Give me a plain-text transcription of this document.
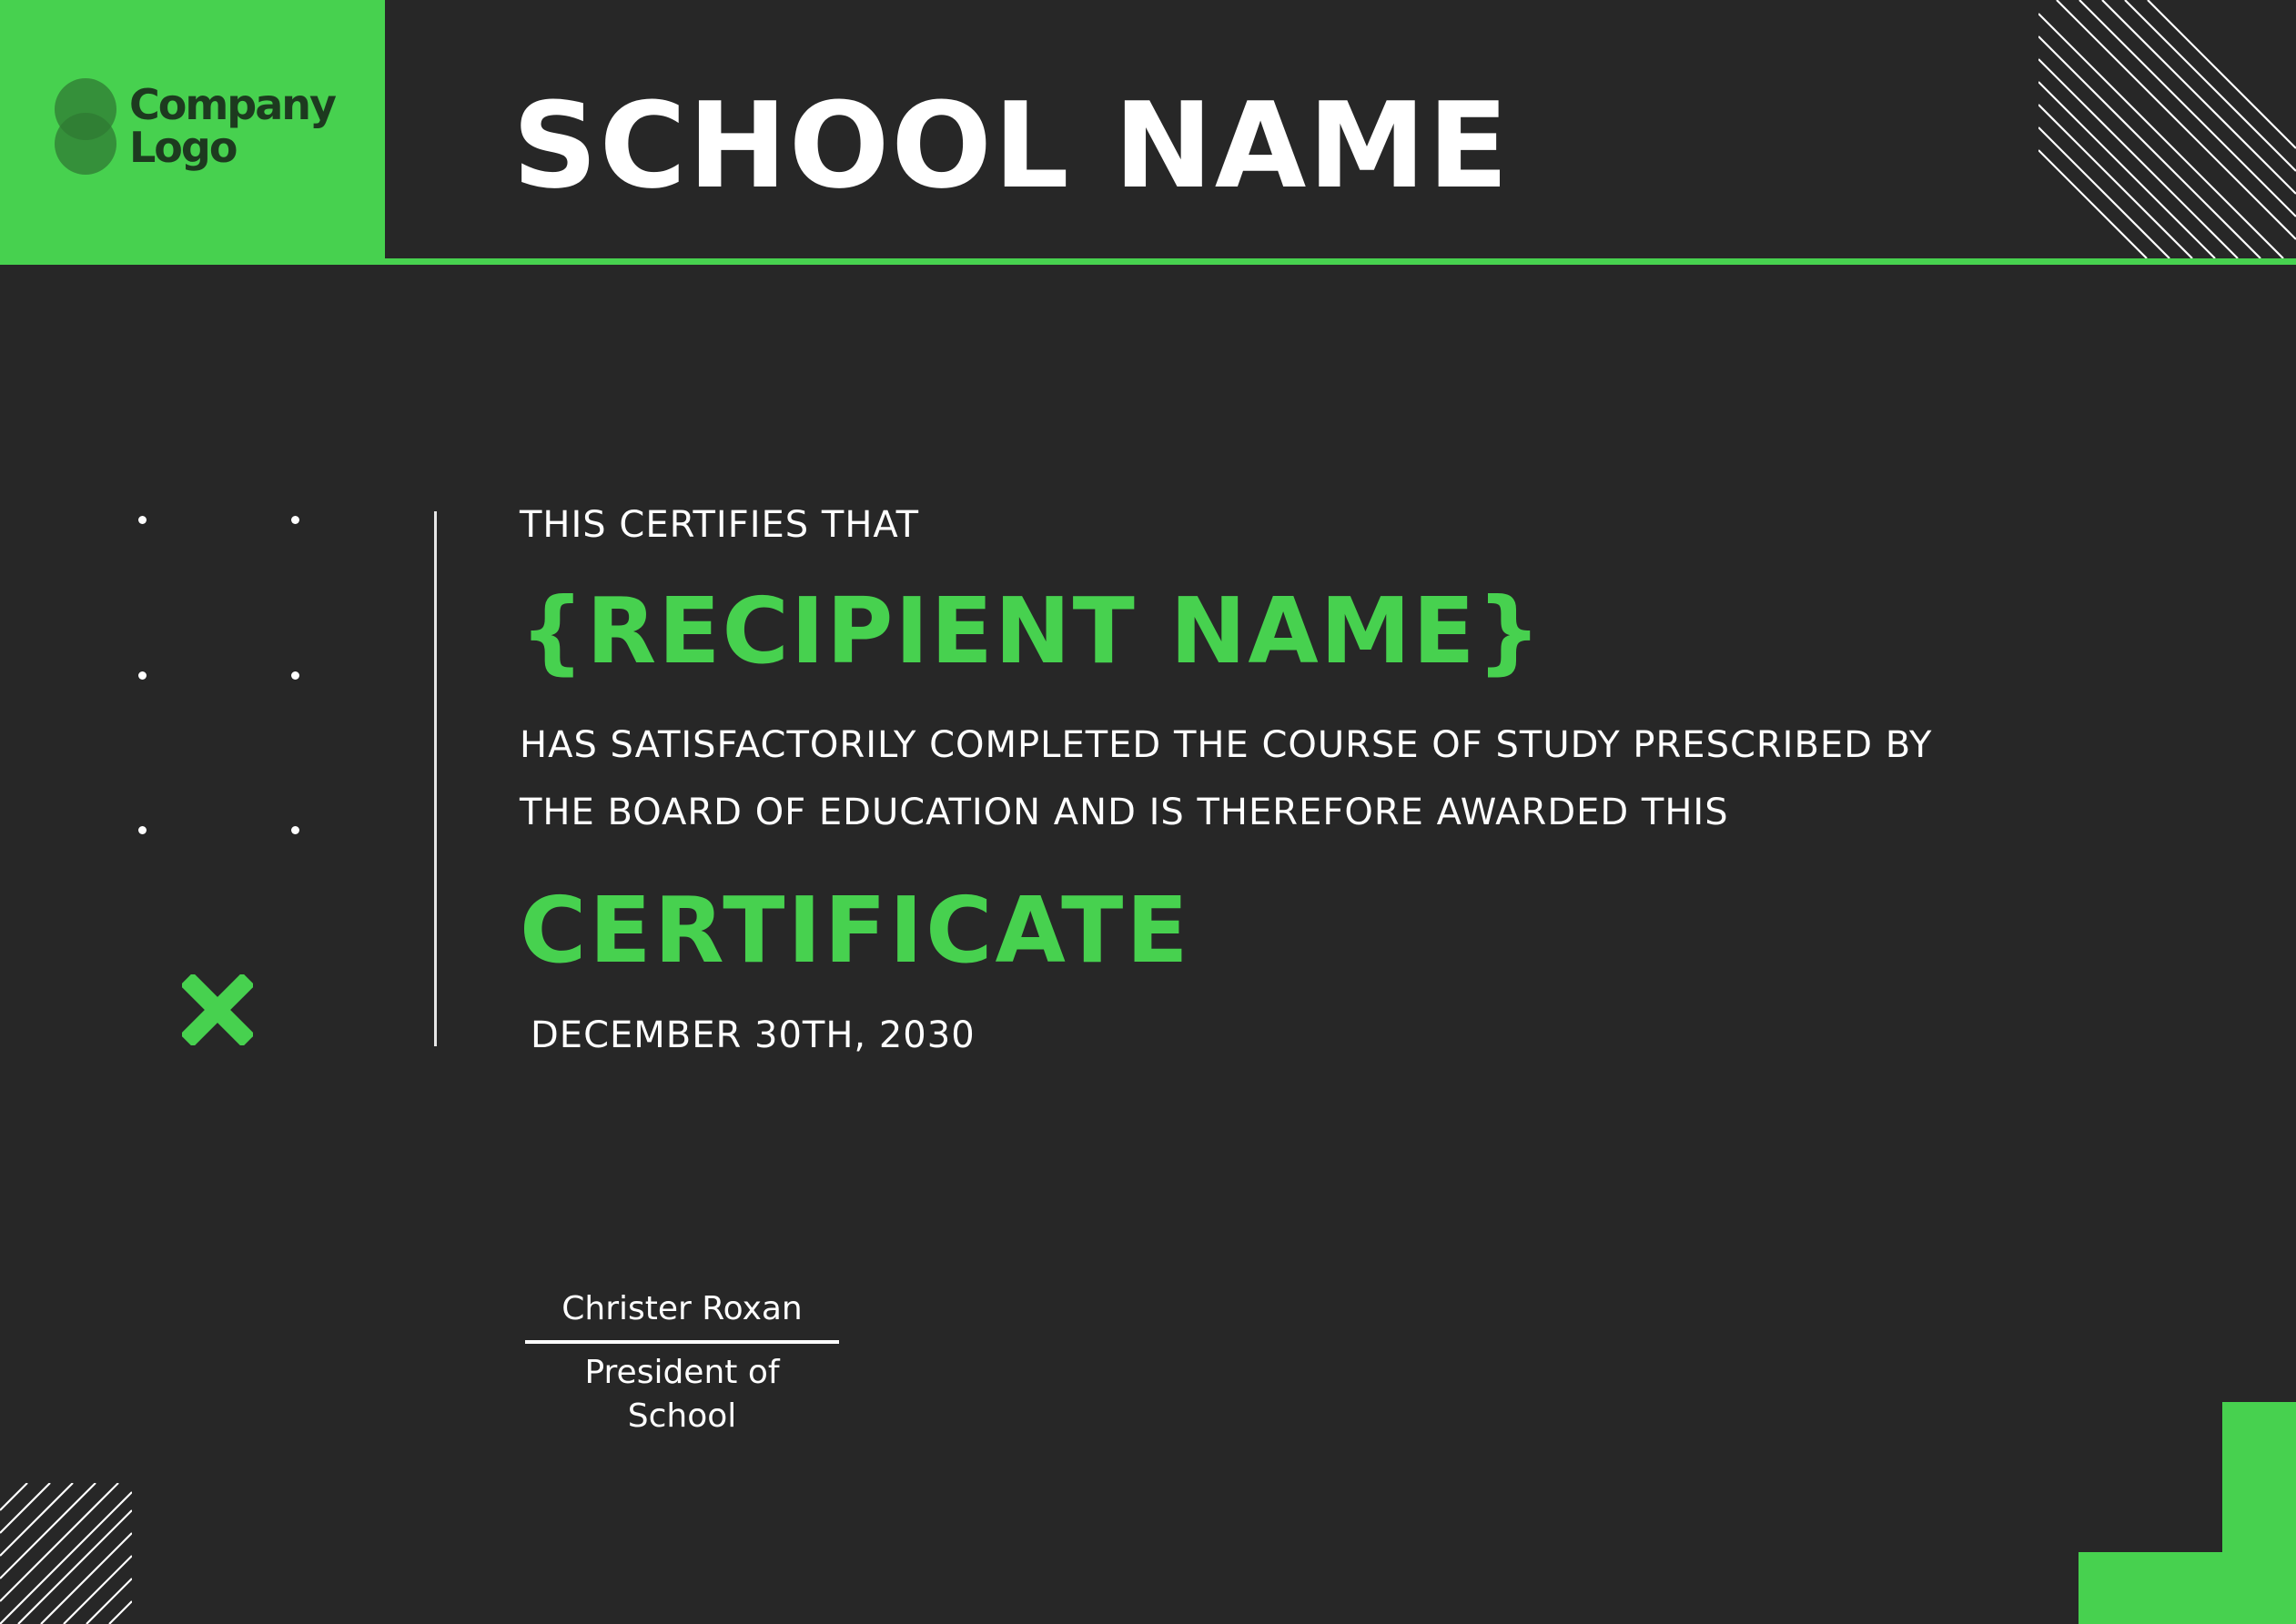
Company
Logo	SCHOOL NAME
THIS CERTIFIES THAT
{RECIPIENT NAME}
HAS SATISFACTORILY COMPLETED THE COURSE OF STUDY PRESCRIBED BY
THE BOARD OF EDUCATION AND IS THEREFORE AWARDED THIS
CERTIFICATE
DECEMBER 30TH, 2030
Christer Roxan
President of School
